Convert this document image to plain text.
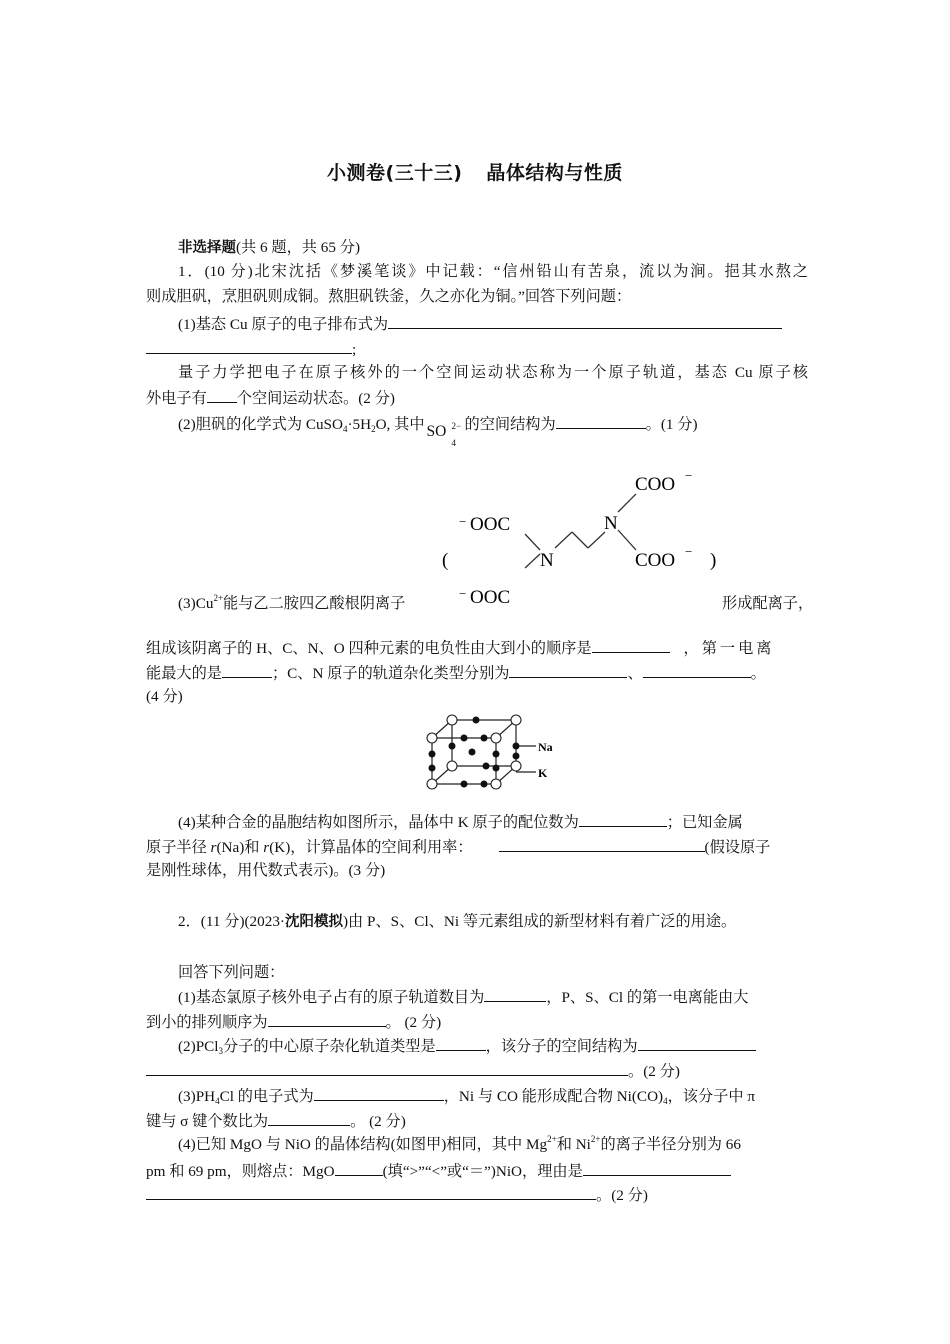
小测卷(三十三) 晶体结构与性质
非选择题(共 6 题，共 65 分)
1．(10 分)北宋沈括《梦溪笔谈》中记载：“信州铅山有苦泉，流以为涧。挹其水熬之
则成胆矾，烹胆矾则成铜。熬胆矾铁釜，久之亦化为铜。”回答下列问题：
(1)基态 Cu 原子的电子排布式为
;
量子力学把电子在原子核外的一个空间运动状态称为一个原子轨道，基态 Cu 原子核
外电子有 个空间运动状态。(2 分)
(2)胆矾的化学式为 $CuSO_4\cdot 5H_2O$, 其中 SO 2−
4
的空间结构为	。(1 分)
COO −
− OOC	N
N
(	COO − )
− OOC
$(3)Cu^{2+}$能与乙二胺四乙酸根阴离子	形成配离子，
组成该阴离子的 H、C、N、O 四种元素的电负性由大到小的顺序是	，第一电离
能最大的是	；C、N 原子的轨道杂化类型分别为	、	。
(4 分)
Na
K
(4)某种合金的晶胞结构如图所示，晶体中 K 原子的配位数为	；已知金属
原子半径 r(Na)和 r(K)，计算晶体的空间利用率：	(假设原子
是刚性球体，用代数式表示)。(3 分)
2．(11 分)(2023·沈阳模拟)由 P、S、Cl、Ni 等元素组成的新型材料有着广泛的用途。
回答下列问题：
(1)基态氯原子核外电子占有的原子轨道数目为	，P、S、Cl 的第一电离能由大
到小的排列顺序为	。 (2 分)
(2)PCl$_3$分子的中心原子杂化轨道类型是	，该分子的空间结构为
。(2 分)
$(3)PH_4Cl$ 的电子式为	，Ni 与 CO 能形成配合物 $Ni(CO)_4$，该分子中 π
键与 σ 键个数比为	。 (2 分)
(4)已知 MgO 与 NiO 的晶体结构(如图甲)相同，其中 $Mg^{2+}$和 $Ni^{2+}$的离子半径分别为 66
pm 和 69 pm，则熔点：MgO	(填“>”“<”或“＝”)NiO，理由是
。(2 分)
